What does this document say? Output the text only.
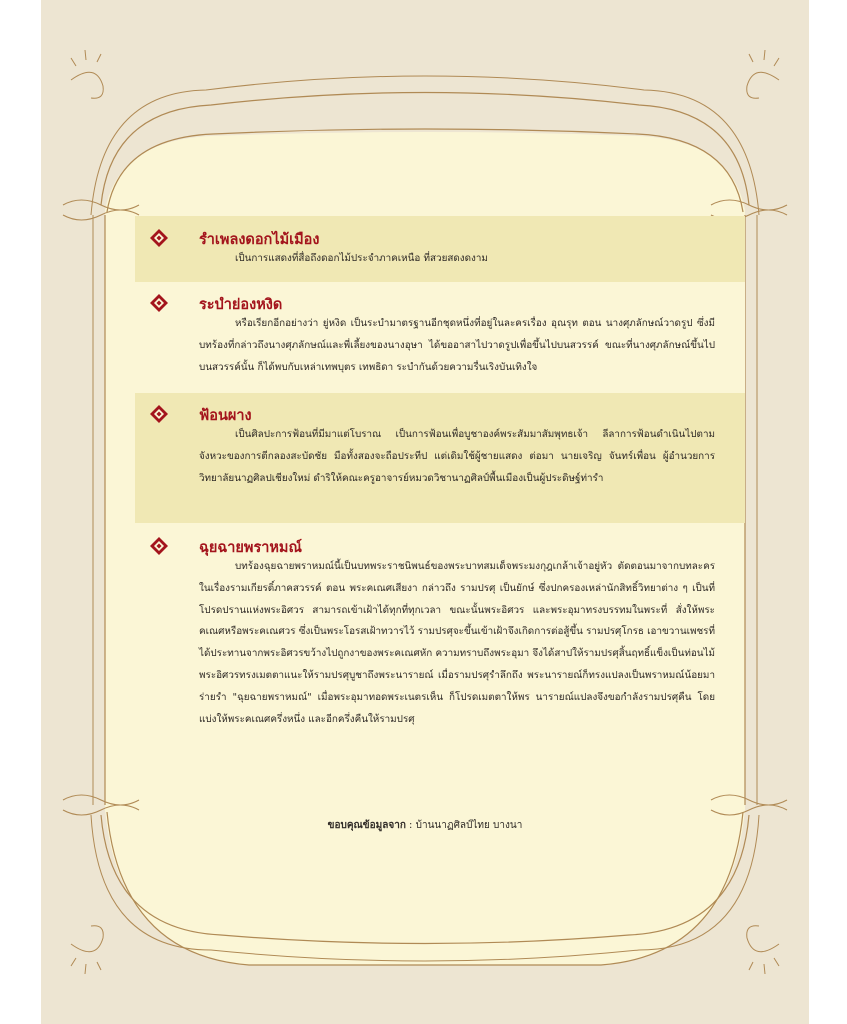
รำเพลงดอกไม้เมือง

เป็นการแสดงที่สื่อถึงดอกไม้ประจำภาคเหนือ ที่สวยสดงดงาม

ระบำย่องหงิด

หรือเรียกอีกอย่างว่า ยู่หงิด เป็นระบำมาตรฐานอีกชุดหนึ่งที่อยู่ในละครเรื่อง อุณรุท ตอน นางศุภลักษณ์วาดรูป ซึ่งมีบทร้องที่กล่าวถึงนางศุภลักษณ์และพี่เลี้ยงของนางอุษา ได้ขออาสาไปวาดรูปเพื่อขึ้นไปบนสวรรค์ ขณะที่นางศุภลักษณ์ขึ้นไปบนสวรรค์นั้น ก็ได้พบกับเหล่าเทพบุตร เทพธิดา ระบำกันด้วยความรื่นเริงบันเทิงใจ

ฟ้อนผาง

เป็นศิลปะการฟ้อนที่มีมาแต่โบราณ เป็นการฟ้อนเพื่อบูชาองค์พระสัมมาสัมพุทธเจ้า ลีลาการฟ้อนดำเนินไปตามจังหวะของการตีกลองสะบัดชัย มือทั้งสองจะถือประทีป แต่เดิมใช้ผู้ชายแสดง ต่อมา นายเจริญ จันทร์เพื่อน ผู้อำนวยการวิทยาลัยนาฏศิลปเชียงใหม่ ดำริให้คณะครูอาจารย์หมวดวิชานาฏศิลป์พื้นเมืองเป็นผู้ประดิษฐ์ท่ารำ

ฉุยฉายพราหมณ์

บทร้องฉุยฉายพราหมณ์นี้เป็นบทพระราชนิพนธ์ของพระบาทสมเด็จพระมงกุฎเกล้าเจ้าอยู่หัว ตัดตอนมาจากบทละครในเรื่องรามเกียรติ์ภาคสวรรค์ ตอน พระคเณศเสียงา กล่าวถึง รามปรศุ เป็นยักษ์ ซึ่งปกครองเหล่านักสิทธิ์วิทยาต่าง ๆ เป็นที่โปรดปรานแห่งพระอิศวร สามารถเข้าเฝ้าได้ทุกที่ทุกเวลา ขณะนั้นพระอิศวร และพระอุมาทรงบรรทมในพระที่ สั่งให้พระคเณศหรือพระคเณศวร ซึ่งเป็นพระโอรสเฝ้าทวารไว้ รามปรศุจะขึ้นเข้าเฝ้าจึงเกิดการต่อสู้ขึ้น รามปรศุโกรธ เอาขวานเพชรที่ได้ประทานจากพระอิศวรขว้างไปถูกงาของพระคเณศหัก ความทราบถึงพระอุมา จึงได้สาปให้รามปรศุสิ้นฤทธิ์แข็งเป็นท่อนไม้ พระอิศวรทรงเมตตาแนะให้รามปรศุบูชาถึงพระนารายณ์ เมื่อรามปรศุรำลึกถึง พระนารายณ์ก็ทรงแปลงเป็นพราหมณ์น้อยมาร่ายรำ "ฉุยฉายพราหมณ์" เมื่อพระอุมาทอดพระเนตรเห็น ก็โปรดเมตตาให้พร นารายณ์แปลงจึงขอกำลังรามปรศุคืน โดยแบ่งให้พระคเณศครึ่งหนึ่ง และอีกครึ่งคืนให้รามปรศุ

ขอบคุณข้อมูลจาก : บ้านนาฏศิลป์ไทย บางนา
